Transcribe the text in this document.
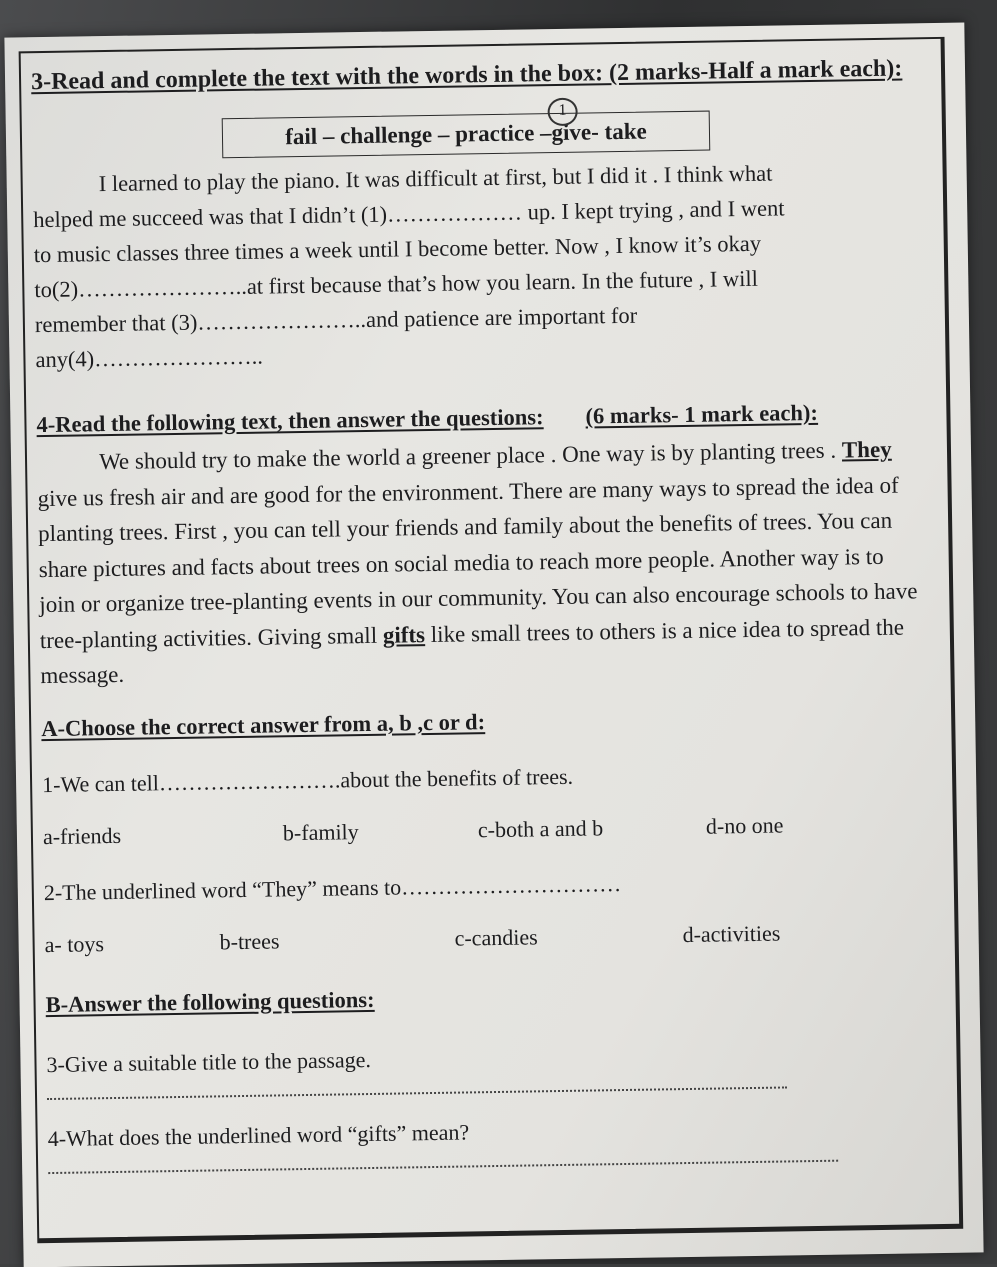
3-Read and complete the text with the words in the box: (2 marks-Half a mark each):
1
fail – challenge – practice –give- take
I learned to play the piano. It was difficult at first, but I did it . I think what
helped me succeed was that I didn’t (1)……………… up. I kept trying , and I went
to music classes three times a week until I become better. Now , I know it’s okay
to(2)…………………..at first because that’s how you learn. In the future , I will
remember that (3)…………………..and patience are important for
any(4)…………………..
4-Read the following text, then answer the questions: (6 marks- 1 mark each):
We should try to make the world a greener place . One way is by planting trees . They give us fresh air and are good for the environment. There are many ways to spread the idea of planting trees. First , you can tell your friends and family about the benefits of trees. You can share pictures and facts about trees on social media to reach more people. Another way is to join or organize tree-planting events in our community. You can also encourage schools to have tree-planting activities. Giving small gifts like small trees to others is a nice idea to spread the message.
A-Choose the correct answer from a, b ,c or d:
1-We can tell…………………….about the benefits of trees.
a-friends	b-family	c-both a and b	d-no one
2-The underlined word “They” means to…………………………
a- toys	b-trees	c-candies	d-activities
B-Answer the following questions:
3-Give a suitable title to the passage.
4-What does the underlined word “gifts” mean?
